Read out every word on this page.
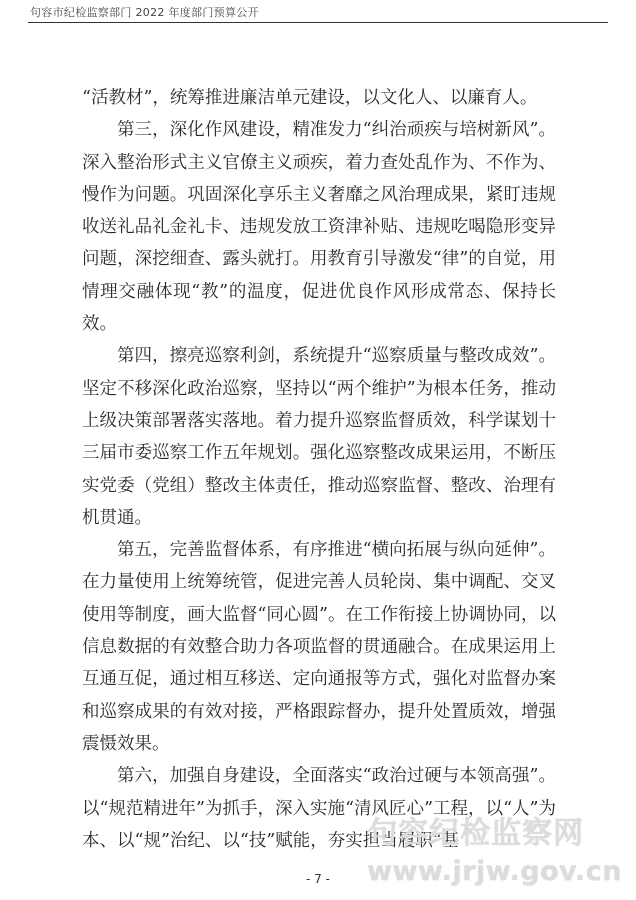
句容市纪检监察部门 2022 年度部门预算公开

“活教材”，统筹推进廉洁单元建设，以文化人、以廉育人。

第三，深化作风建设，精准发力“纠治顽疾与培树新风”。深入整治形式主义官僚主义顽疾，着力查处乱作为、不作为、慢作为问题。巩固深化享乐主义奢靡之风治理成果，紧盯违规收送礼品礼金礼卡、违规发放工资津补贴、违规吃喝隐形变异问题，深挖细查、露头就打。用教育引导激发“律”的自觉，用情理交融体现“教”的温度，促进优良作风形成常态、保持长效。

第四，擦亮巡察利剑，系统提升“巡察质量与整改成效”。坚定不移深化政治巡察，坚持以“两个维护”为根本任务，推动上级决策部署落实落地。着力提升巡察监督质效，科学谋划十三届市委巡察工作五年规划。强化巡察整改成果运用，不断压实党委（党组）整改主体责任，推动巡察监督、整改、治理有机贯通。

第五，完善监督体系，有序推进“横向拓展与纵向延伸”。在力量使用上统筹统管，促进完善人员轮岗、集中调配、交叉使用等制度，画大监督“同心圆”。在工作衔接上协调协同，以信息数据的有效整合助力各项监督的贯通融合。在成果运用上互通互促，通过相互移送、定向通报等方式，强化对监督办案和巡察成果的有效对接，严格跟踪督办，提升处置质效，增强震慑效果。

第六，加强自身建设，全面落实“政治过硬与本领高强”。以“规范精进年”为抓手，深入实施“清风匠心”工程，以“人”为本、以“规”治纪、以“技”赋能，夯实担当履职“基

- 7 -
句容纪检监察网
www.jrjw.gov.cn
